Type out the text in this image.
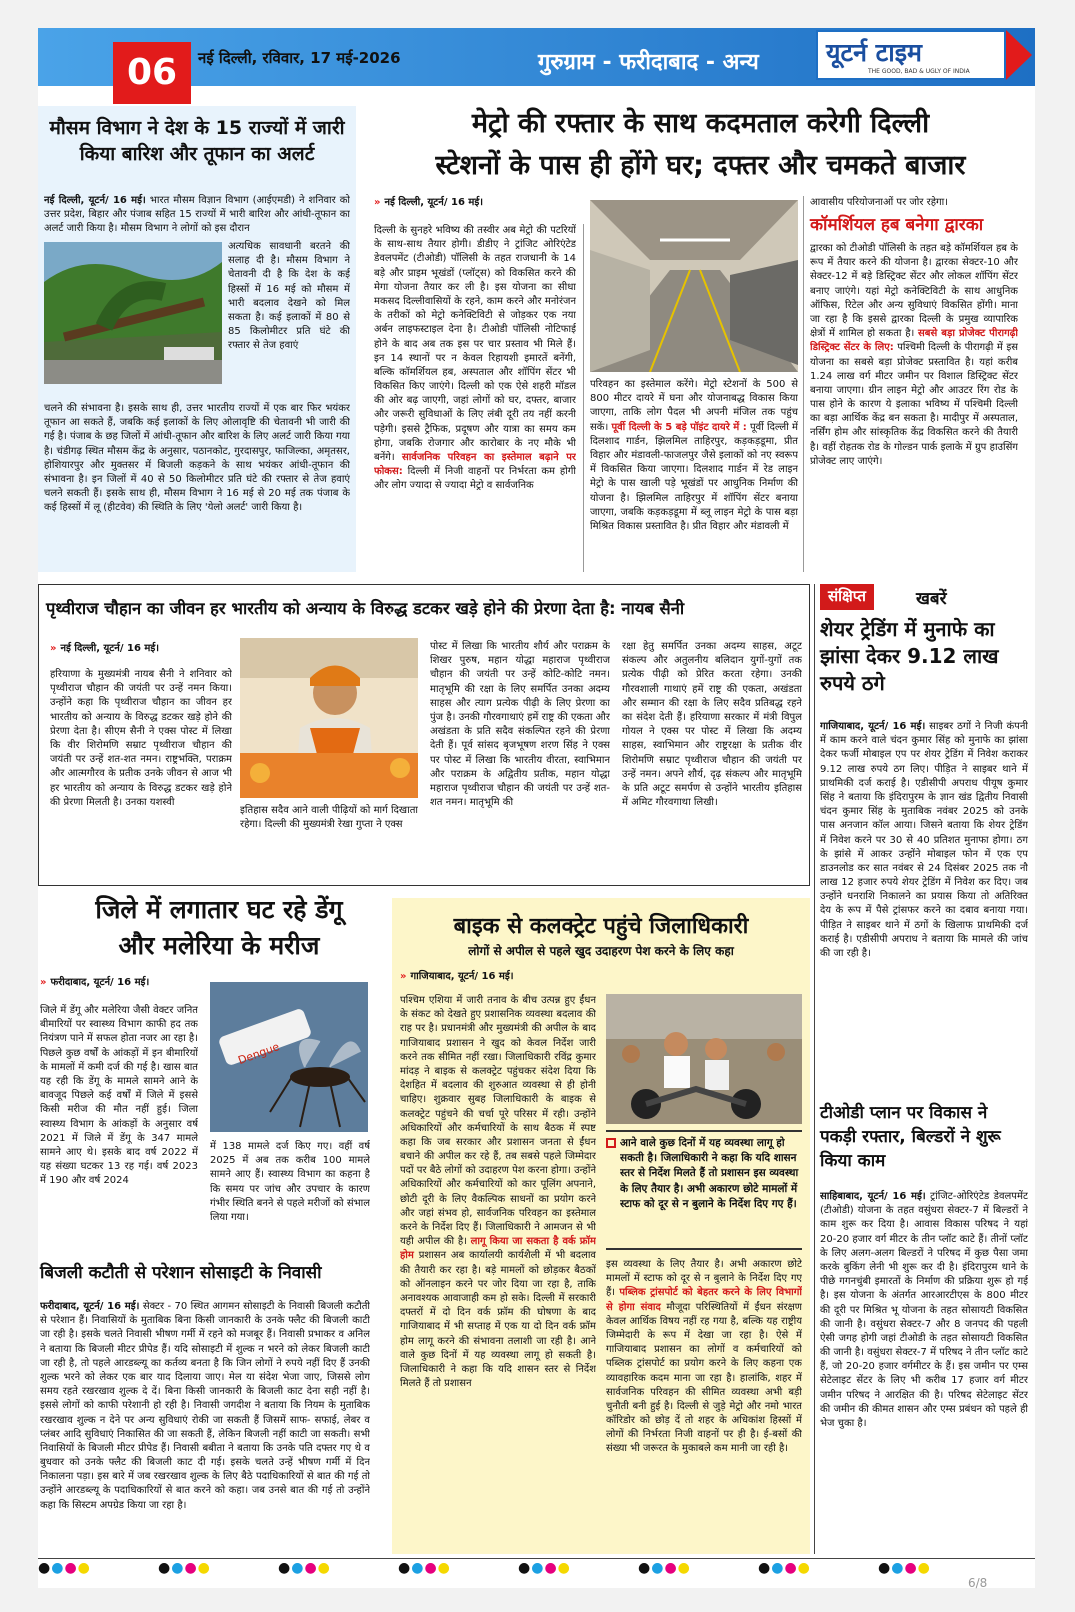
06	नई दिल्ली, रविवार, 17 मई-2026	गुरुग्राम - फरीदाबाद - अन्य	यूटर्न टाइम
THE GOOD, BAD & UGLY OF INDIA
मौसम विभाग ने देश के 15 राज्यों में जारी किया बारिश और तूफान का अलर्ट
नई दिल्ली, यूटर्न/ 16 मई। भारत मौसम विज्ञान विभाग (आईएमडी) ने शनिवार को उत्तर प्रदेश, बिहार और पंजाब सहित 15 राज्यों में भारी बारिश और आंधी-तूफान का अलर्ट जारी किया है। मौसम विभाग ने लोगों को इस दौरान
अत्यधिक सावधानी बरतने की सलाह दी है। मौसम विभाग ने चेतावनी दी है कि देश के कई हिस्सों में 16 मई को मौसम में भारी बदलाव देखने को मिल सकता है। कई इलाकों में 80 से 85 किलोमीटर प्रति घंटे की रफ्तार से तेज हवाएं
चलने की संभावना है। इसके साथ ही, उत्तर भारतीय राज्यों में एक बार फिर भयंकर तूफान आ सकते हैं, जबकि कई इलाकों के लिए ओलावृष्टि की चेतावनी भी जारी की गई है। पंजाब के छह जिलों में आंधी-तूफान और बारिश के लिए अलर्ट जारी किया गया है। चंडीगढ़ स्थित मौसम केंद्र के अनुसार, पठानकोट, गुरदासपुर, फाजिल्का, अमृतसर, होशियारपुर और मुक्तसर में बिजली कड़कने के साथ भयंकर आंधी-तूफान की संभावना है। इन जिलों में 40 से 50 किलोमीटर प्रति घंटे की रफ्तार से तेज हवाएं चलने सकती हैं। इसके साथ ही, मौसम विभाग ने 16 मई से 20 मई तक पंजाब के कई हिस्सों में लू (हीटवेव) की स्थिति के लिए 'येलो अलर्ट' जारी किया है।
मेट्रो की रफ्तार के साथ कदमताल करेगी दिल्ली
स्टेशनों के पास ही होंगे घर; दफ्तर और चमकते बाजार
» नई दिल्ली, यूटर्न/ 16 मई।
दिल्ली के सुनहरे भविष्य की तस्वीर अब मेट्रो की पटरियों के साथ-साथ तैयार होगी। डीडीए ने ट्रांजिट ओरिएंटेड डेवलपमेंट (टीओडी) पॉलिसी के तहत राजधानी के 14 बड़े और प्राइम भूखंडों (प्लॉट्स) को विकसित करने की मेगा योजना तैयार कर ली है। इस योजना का सीधा मकसद दिल्लीवासियों के रहने, काम करने और मनोरंजन के तरीकों को मेट्रो कनेक्टिविटी से जोड़कर एक नया अर्बन लाइफस्टाइल देना है। टीओडी पॉलिसी नोटिफाई होने के बाद अब तक इस पर चार प्रस्ताव भी मिले हैं। इन 14 स्थानों पर न केवल रिहायशी इमारतें बनेंगी, बल्कि कॉमर्शियल हब, अस्पताल और शॉपिंग सेंटर भी विकसित किए जाएंगे। दिल्ली को एक ऐसे शहरी मॉडल की ओर बढ़ जाएगी, जहां लोगों को घर, दफ्तर, बाजार और जरूरी सुविधाओं के लिए लंबी दूरी तय नहीं करनी पड़ेगी। इससे ट्रैफिक, प्रदूषण और यात्रा का समय कम होगा, जबकि रोजगार और कारोबार के नए मौके भी बनेंगे। सार्वजनिक परिवहन का इस्तेमाल बढ़ाने पर फोकस: दिल्ली में निजी वाहनों पर निर्भरता कम होगी और लोग ज्यादा से ज्यादा मेट्रो व सार्वजनिक
परिवहन का इस्तेमाल करेंगे। मेट्रो स्टेशनों के 500 से 800 मीटर दायरे में घना और योजनाबद्ध विकास किया जाएगा, ताकि लोग पैदल भी अपनी मंजिल तक पहुंच सकें। पूर्वी दिल्ली के 5 बड़े पॉइंट दायरे में : पूर्वी दिल्ली में दिलशाद गार्डन, झिलमिल ताहिरपुर, कड़कड़डूमा, प्रीत विहार और मंडावली-फाजलपुर जैसे इलाकों को नए स्वरूप में विकसित किया जाएगा। दिलशाद गार्डन में रेड लाइन मेट्रो के पास खाली पड़े भूखंडों पर आधुनिक निर्माण की योजना है। झिलमिल ताहिरपुर में शॉपिंग सेंटर बनाया जाएगा, जबकि कड़कड़डूमा में ब्लू लाइन मेट्रो के पास बड़ा मिश्रित विकास प्रस्तावित है। प्रीत विहार और मंडावली में
आवासीय परियोजनाओं पर जोर रहेगा।
कॉमर्शियल हब बनेगा द्वारका
द्वारका को टीओडी पॉलिसी के तहत बड़े कॉमर्शियल हब के रूप में तैयार करने की योजना है। द्वारका सेक्टर-10 और सेक्टर-12 में बड़े डिस्ट्रिक्ट सेंटर और लोकल शॉपिंग सेंटर बनाए जाएंगे। यहां मेट्रो कनेक्टिविटी के साथ आधुनिक ऑफिस, रिटेल और अन्य सुविधाएं विकसित होंगी। माना जा रहा है कि इससे द्वारका दिल्ली के प्रमुख व्यापारिक क्षेत्रों में शामिल हो सकता है। सबसे बड़ा प्रोजेक्ट पीरागढ़ी डिस्ट्रिक्ट सेंटर के लिए: पश्चिमी दिल्ली के पीरागढ़ी में इस योजना का सबसे बड़ा प्रोजेक्ट प्रस्तावित है। यहां करीब 1.24 लाख वर्ग मीटर जमीन पर विशाल डिस्ट्रिक्ट सेंटर बनाया जाएगा। ग्रीन लाइन मेट्रो और आउटर रिंग रोड के पास होने के कारण ये इलाका भविष्य में पश्चिमी दिल्ली का बड़ा आर्थिक केंद्र बन सकता है। मादीपुर में अस्पताल, नर्सिंग होम और सांस्कृतिक केंद्र विकसित करने की तैयारी है। वहीं रोहतक रोड के गोल्डन पार्क इलाके में ग्रुप हाउसिंग प्रोजेक्ट लाए जाएंगे।
पृथ्वीराज चौहान का जीवन हर भारतीय को अन्याय के विरुद्ध डटकर खड़े होने की प्रेरणा देता है: नायब सैनी
» नई दिल्ली, यूटर्न/ 16 मई।
हरियाणा के मुख्यमंत्री नायब सैनी ने शनिवार को पृथ्वीराज चौहान की जयंती पर उन्हें नमन किया। उन्होंने कहा कि पृथ्वीराज चौहान का जीवन हर भारतीय को अन्याय के विरुद्ध डटकर खड़े होने की प्रेरणा देता है। सीएम सैनी ने एक्स पोस्ट में लिखा कि वीर शिरोमणि सम्राट पृथ्वीराज चौहान की जयंती पर उन्हें शत-शत नमन। राष्ट्रभक्ति, पराक्रम और आत्मगौरव के प्रतीक उनके जीवन से आज भी हर भारतीय को अन्याय के विरुद्ध डटकर खड़े होने की प्रेरणा मिलती है। उनका यशस्वी
इतिहास सदैव आने वाली पीढ़ियों को मार्ग दिखाता रहेगा। दिल्ली की मुख्यमंत्री रेखा गुप्ता ने एक्स
पोस्ट में लिखा कि भारतीय शौर्य और पराक्रम के शिखर पुरुष, महान योद्धा महाराज पृथ्वीराज चौहान की जयंती पर उन्हें कोटि-कोटि नमन। मातृभूमि की रक्षा के लिए समर्पित उनका अदम्य साहस और त्याग प्रत्येक पीढ़ी के लिए प्रेरणा का पुंज है। उनकी गौरवगाथाएं हमें राष्ट्र की एकता और अखंडता के प्रति सदैव संकल्पित रहने की प्रेरणा देती हैं। पूर्व सांसद बृजभूषण शरण सिंह ने एक्स पर पोस्ट में लिखा कि भारतीय वीरता, स्वाभिमान और पराक्रम के अद्वितीय प्रतीक, महान योद्धा महाराज पृथ्वीराज चौहान की जयंती पर उन्हें शत-शत नमन। मातृभूमि की
रक्षा हेतु समर्पित उनका अदम्य साहस, अटूट संकल्प और अतुलनीय बलिदान युगों-युगों तक प्रत्येक पीढ़ी को प्रेरित करता रहेगा। उनकी गौरवशाली गाथाएं हमें राष्ट्र की एकता, अखंडता और सम्मान की रक्षा के लिए सदैव प्रतिबद्ध रहने का संदेश देती हैं। हरियाणा सरकार में मंत्री विपुल गोयल ने एक्स पर पोस्ट में लिखा कि अदम्य साहस, स्वाभिमान और राष्ट्ररक्षा के प्रतीक वीर शिरोमणि सम्राट पृथ्वीराज चौहान की जयंती पर उन्हें नमन। अपने शौर्य, दृढ़ संकल्प और मातृभूमि के प्रति अटूट समर्पण से उन्होंने भारतीय इतिहास में अमिट गौरवगाथा लिखी।
जिले में लगातार घट रहे डेंगू
और मलेरिया के मरीज
» फरीदाबाद, यूटर्न/ 16 मई।
जिले में डेंगू और मलेरिया जैसी वेक्टर जनित बीमारियों पर स्वास्थ्य विभाग काफी हद तक नियंत्रण पाने में सफल होता नजर आ रहा है। पिछले कुछ वर्षों के आंकड़ों में इन बीमारियों के मामलों में कमी दर्ज की गई है। खास बात यह रही कि डेंगू के मामले सामने आने के बावजूद पिछले कई वर्षों में जिले में इससे किसी मरीज की मौत नहीं हुई। जिला स्वास्थ्य विभाग के आंकड़ों के अनुसार वर्ष 2021 में जिले में डेंगू के 347 मामले सामने आए थे। इसके बाद वर्ष 2022 में यह संख्या घटकर 13 रह गई। वर्ष 2023 में 190 और वर्ष 2024
Dengue
में 138 मामले दर्ज किए गए। वहीं वर्ष 2025 में अब तक करीब 100 मामले सामने आए हैं। स्वास्थ्य विभाग का कहना है कि समय पर जांच और उपचार के कारण गंभीर स्थिति बनने से पहले मरीजों को संभाल लिया गया।
बिजली कटौती से परेशान सोसाइटी के निवासी
फरीदाबाद, यूटर्न/ 16 मई। सेक्टर - 70 स्थित आगमन सोसाइटी के निवासी बिजली कटौती से परेशान हैं। निवासियों के मुताबिक बिना किसी जानकारी के उनके फ्लैट की बिजली काटी जा रही है। इसके चलते निवासी भीषण गर्मी में रहने को मजबूर हैं। निवासी प्रभाकर व अनिल ने बताया कि बिजली मीटर प्रीपेड हैं। यदि सोसाइटी में शुल्क न भरने को लेकर बिजली काटी जा रही है, तो पहले आरडब्ल्यू का कर्तव्य बनता है कि जिन लोगों ने रुपये नहीं दिए हैं उनकी शुल्क भरने को लेकर एक बार याद दिलाया जाए। मेल या संदेश भेजा जाए, जिससे लोग समय रहते रखरखाव शुल्क दे दें। बिना किसी जानकारी के बिजली काट देना सही नहीं है। इससे लोगों को काफी परेशानी हो रही है। निवासी जगदीश ने बताया कि नियम के मुताबिक रखरखाव शुल्क न देने पर अन्य सुविधाएं रोकी जा सकती हैं जिसमें साफ- सफाई, लेबर व प्लंबर आदि सुविधाएं निकासित की जा सकती हैं, लेकिन बिजली नहीं काटी जा सकती। सभी निवासियों के बिजली मीटर प्रीपेड हैं। निवासी बबीता ने बताया कि उनके पति दफ्तर गए थे व बुधवार को उनके फ्लैट की बिजली काट दी गई। इसके चलते उन्हें भीषण गर्मी में दिन निकालना पड़ा। इस बारे में जब रखरखाव शुल्क के लिए बैठे पदाधिकारियों से बात की गई तो उन्होंने आरडब्ल्यू के पदाधिकारियों से बात करने को कहा। जब उनसे बात की गई तो उन्होंने कहा कि सिस्टम अपग्रेड किया जा रहा है।
बाइक से कलक्ट्रेट पहुंचे जिलाधिकारी
लोगों से अपील से पहले खुद उदाहरण पेश करने के लिए कहा
» गाजियाबाद, यूटर्न/ 16 मई।
पश्चिम एशिया में जारी तनाव के बीच उत्पन्न हुए ईंधन के संकट को देखते हुए प्रशासनिक व्यवस्था बदलाव की राह पर है। प्रधानमंत्री और मुख्यमंत्री की अपील के बाद गाजियाबाद प्रशासन ने खुद को केवल निर्देश जारी करने तक सीमित नहीं रखा। जिलाधिकारी रविंद्र कुमार मांदड़ ने बाइक से कलक्ट्रेट पहुंचकर संदेश दिया कि देशहित में बदलाव की शुरुआत व्यवस्था से ही होनी चाहिए। शुक्रवार सुबह जिलाधिकारी के बाइक से कलक्ट्रेट पहुंचने की चर्चा पूरे परिसर में रही। उन्होंने अधिकारियों और कर्मचारियों के साथ बैठक में स्पष्ट कहा कि जब सरकार और प्रशासन जनता से ईंधन बचाने की अपील कर रहे हैं, तब सबसे पहले जिम्मेदार पदों पर बैठे लोगों को उदाहरण पेश करना होगा। उन्होंने अधिकारियों और कर्मचारियों को कार पूलिंग अपनाने, छोटी दूरी के लिए वैकल्पिक साधनों का प्रयोग करने और जहां संभव हो, सार्वजनिक परिवहन का इस्तेमाल करने के निर्देश दिए हैं। जिलाधिकारी ने आमजन से भी यही अपील की है। लागू किया जा सकता है वर्क फ्रॉम होम प्रशासन अब कार्यालयी कार्यशैली में भी बदलाव की तैयारी कर रहा है। बड़े मामलों को छोड़कर बैठकों को ऑनलाइन करने पर जोर दिया जा रहा है, ताकि अनावश्यक आवाजाही कम हो सके। दिल्ली में सरकारी दफ्तरों में दो दिन वर्क फ्रॉम की घोषणा के बाद गाजियाबाद में भी सप्ताह में एक या दो दिन वर्क फ्रॉम होम लागू करने की संभावना तलाशी जा रही है। आने वाले कुछ दिनों में यह व्यवस्था लागू हो सकती है। जिलाधिकारी ने कहा कि यदि शासन स्तर से निर्देश मिलते हैं तो प्रशासन
आने वाले कुछ दिनों में यह व्यवस्था लागू हो सकती है। जिलाधिकारी ने कहा कि यदि शासन स्तर से निर्देश मिलते हैं तो प्रशासन इस व्यवस्था के लिए तैयार है। अभी अकारण छोटे मामलों में स्टाफ को दूर से न बुलाने के निर्देश दिए गए हैं।
इस व्यवस्था के लिए तैयार है। अभी अकारण छोटे मामलों में स्टाफ को दूर से न बुलाने के निर्देश दिए गए हैं। पब्लिक ट्रांसपोर्ट को बेहतर करने के लिए विभागों से होगा संवाद मौजूदा परिस्थितियों में ईंधन संरक्षण केवल आर्थिक विषय नहीं रह गया है, बल्कि यह राष्ट्रीय जिम्मेदारी के रूप में देखा जा रहा है। ऐसे में गाजियाबाद प्रशासन का लोगों व कर्मचारियों को पब्लिक ट्रांसपोर्ट का प्रयोग करने के लिए कहना एक व्यावहारिक कदम माना जा रहा है। हालांकि, शहर में सार्वजनिक परिवहन की सीमित व्यवस्था अभी बड़ी चुनौती बनी हुई है। दिल्ली से जुड़े मेट्रो और नमो भारत कॉरिडोर को छोड़ दें तो शहर के अधिकांश हिस्सों में लोगों की निर्भरता निजी वाहनों पर ही है। ई-बसों की संख्या भी जरूरत के मुकाबले कम मानी जा रही है।
संक्षिप्त	खबरें
शेयर ट्रेडिंग में मुनाफे का झांसा देकर 9.12 लाख रुपये ठगे
गाजियाबाद, यूटर्न/ 16 मई। साइबर ठगों ने निजी कंपनी में काम करने वाले चंदन कुमार सिंह को मुनाफे का झांसा देकर फर्जी मोबाइल एप पर शेयर ट्रेडिंग में निवेश कराकर 9.12 लाख रुपये ठग लिए। पीड़ित ने साइबर थाने में प्राथमिकी दर्ज कराई है। एडीसीपी अपराध पीयूष कुमार सिंह ने बताया कि इंदिरापुरम के ज्ञान खंड द्वितीय निवासी चंदन कुमार सिंह के मुताबिक नवंबर 2025 को उनके पास अनजान कॉल आया। जिसने बताया कि शेयर ट्रेडिंग में निवेश करने पर 30 से 40 प्रतिशत मुनाफा होगा। ठग के झांसे में आकर उन्होंने मोबाइल फोन में एक एप डाउनलोड कर सात नवंबर से 24 दिसंबर 2025 तक नौ लाख 12 हजार रुपये शेयर ट्रेडिंग में निवेश कर दिए। जब उन्होंने धनराशि निकालने का प्रयास किया तो अतिरिक्त देय के रूप में पैसे ट्रांसफर करने का दबाव बनाया गया। पीड़ित ने साइबर थाने में ठगों के खिलाफ प्राथमिकी दर्ज कराई है। एडीसीपी अपराध ने बताया कि मामले की जांच की जा रही है।
टीओडी प्लान पर विकास ने पकड़ी रफ्तार, बिल्डरों ने शुरू किया काम
साहिबाबाद, यूटर्न/ 16 मई। ट्रांजिट-ओरिएंटेड डेवलपमेंट (टीओडी) योजना के तहत वसुंधरा सेक्टर-7 में बिल्डरों ने काम शुरू कर दिया है। आवास विकास परिषद ने यहां 20-20 हजार वर्ग मीटर के तीन प्लॉट काटे हैं। तीनों प्लॉट के लिए अलग-अलग बिल्डरों ने परिषद में कुछ पैसा जमा करके बुकिंग लेनी भी शुरू कर दी है। इंदिरापुरम थाने के पीछे गगनचुंबी इमारतों के निर्माण की प्रक्रिया शुरू हो गई है। इस योजना के अंतर्गत आरआरटीएस के 800 मीटर की दूरी पर मिश्रित भू योजना के तहत सोसायटी विकसित की जानी है। वसुंधरा सेक्टर-7 और 8 जनपद की पहली ऐसी जगह होगी जहां टीओडी के तहत सोसायटी विकसित की जानी है। वसुंधरा सेक्टर-7 में परिषद ने तीन प्लॉट काटे हैं, जो 20-20 हजार वर्गमीटर के हैं। इस जमीन पर एम्स सेटेलाइट सेंटर के लिए भी करीब 17 हजार वर्ग मीटर जमीन परिषद ने आरक्षित की है। परिषद सेटेलाइट सेंटर की जमीन की कीमत शासन और एम्स प्रबंधन को पहले ही भेज चुका है।
●●●●	●●●●	●●●●	●●●●	●●●●	●●●●	●●●●	●●●●
6/8
